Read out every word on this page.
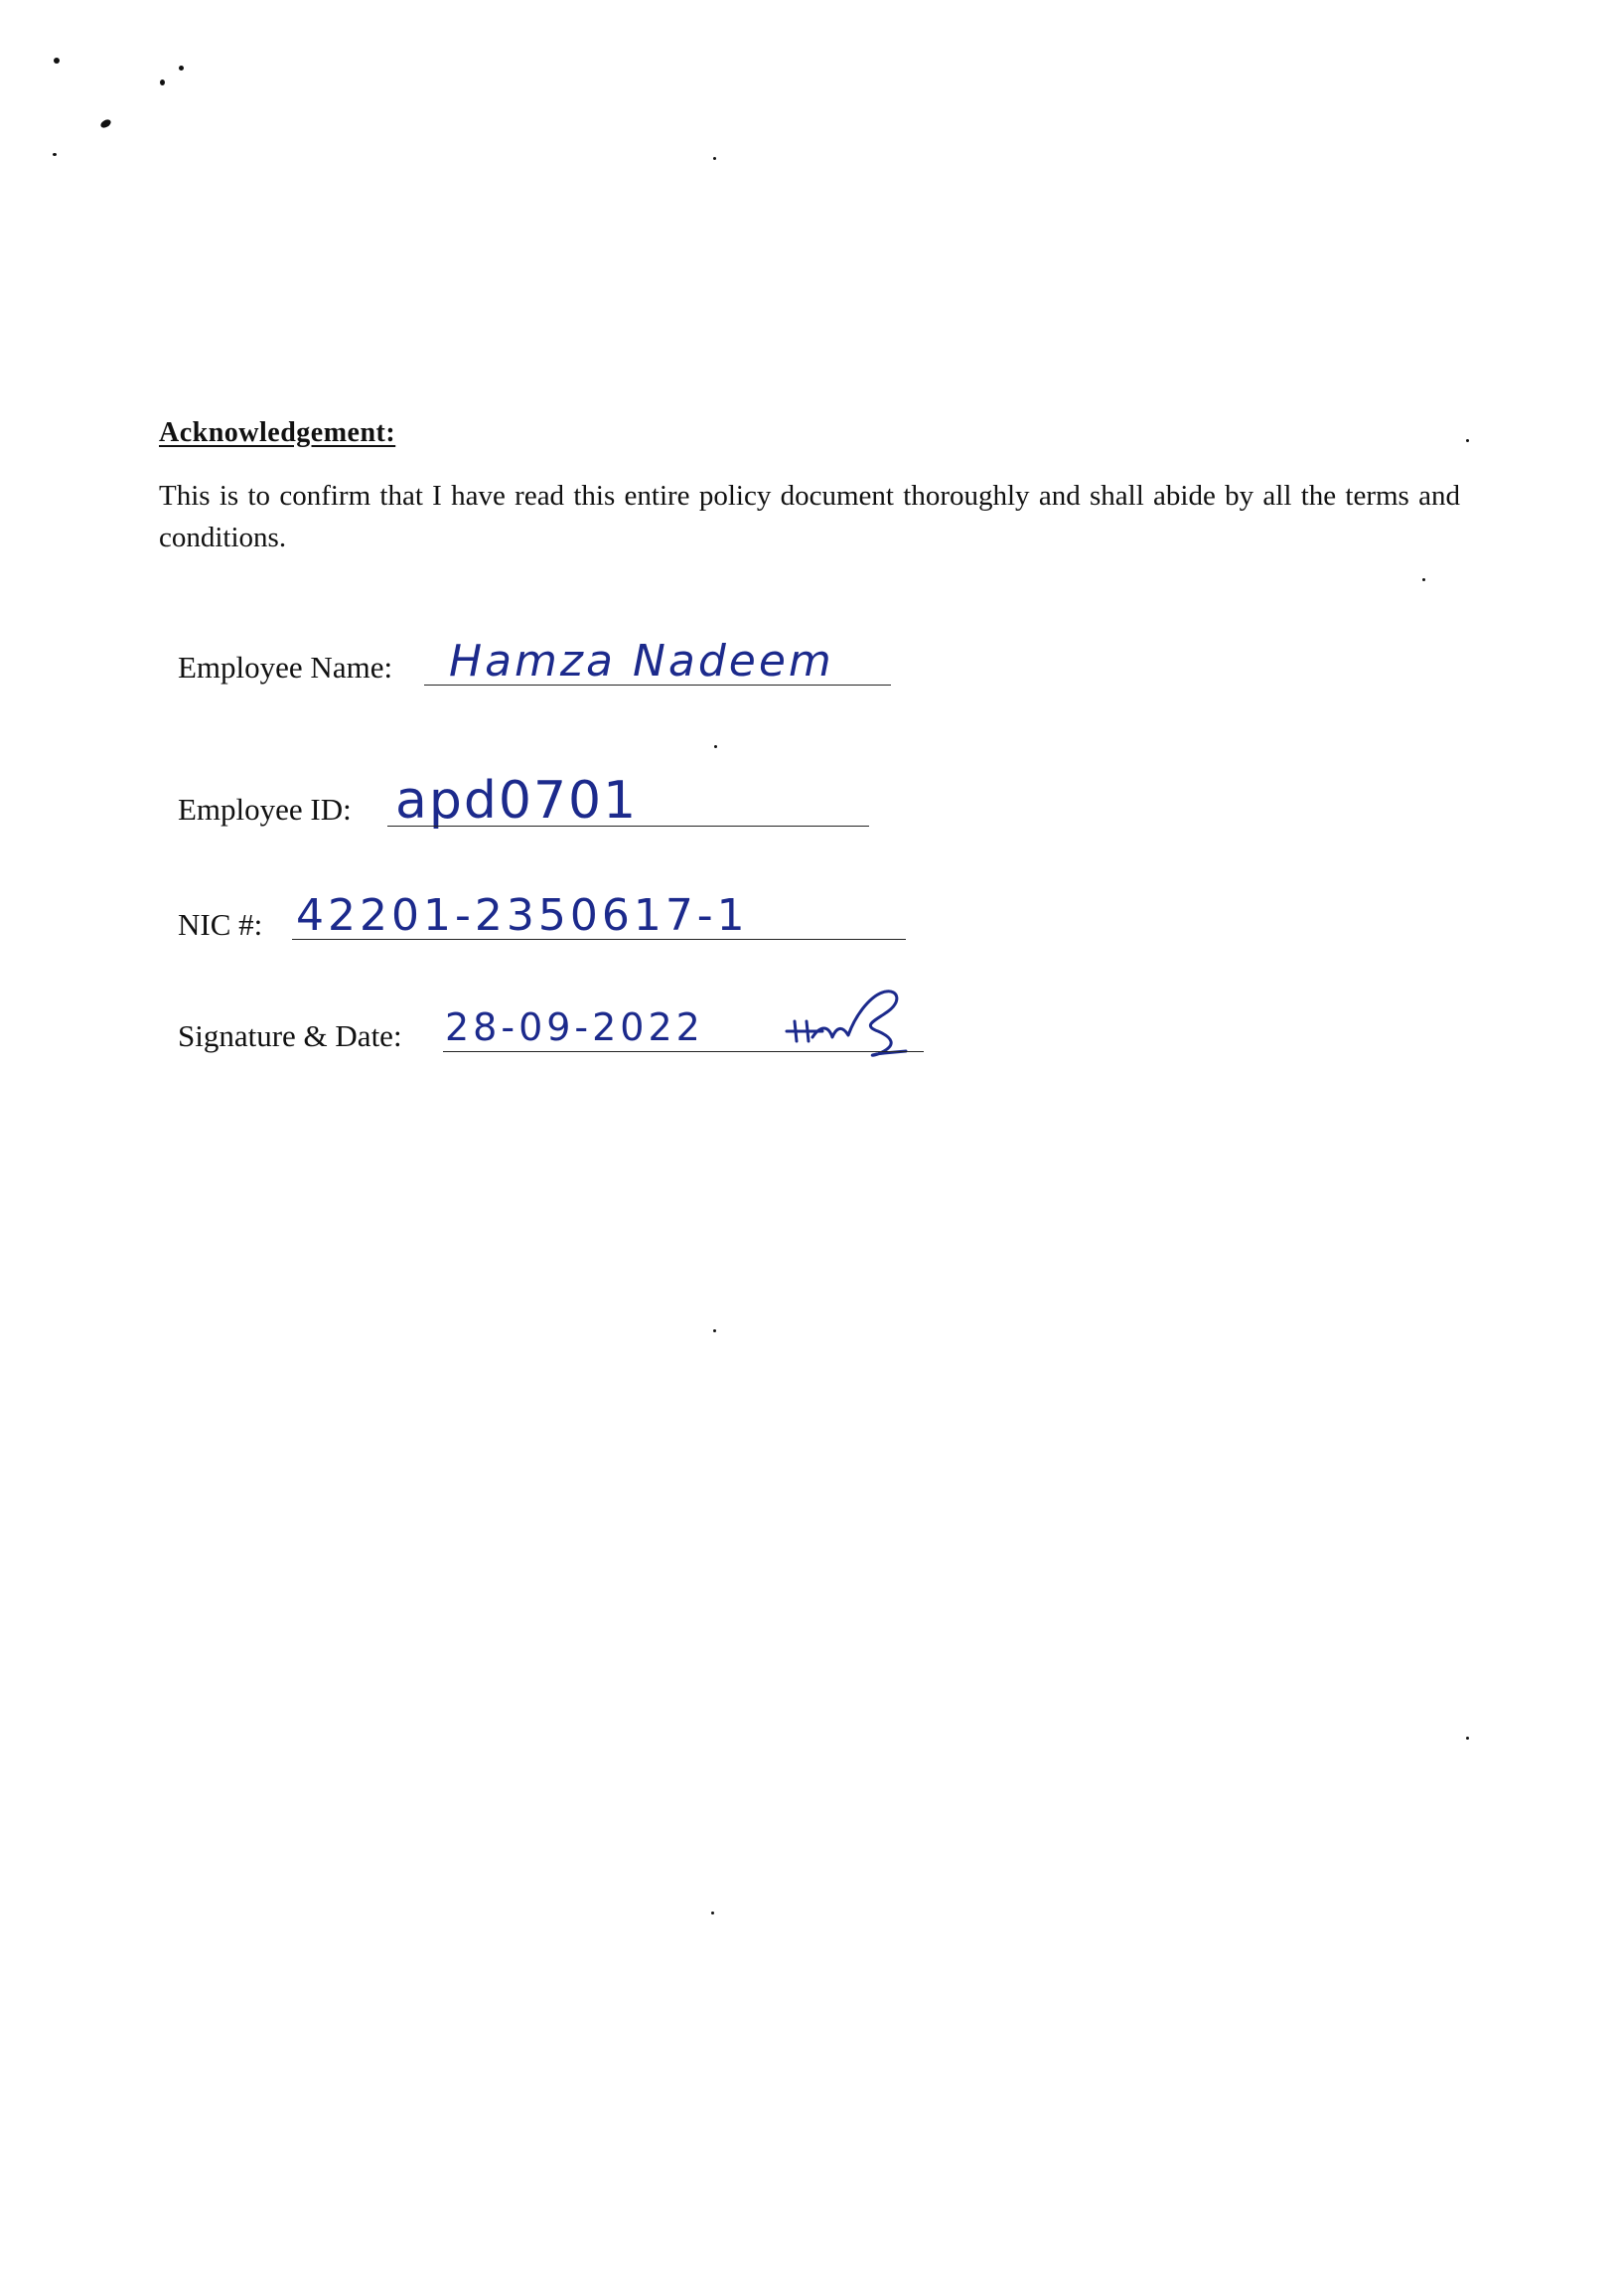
Acknowledgement:
This is to confirm that I have read this entire policy document thoroughly and shall abide by all the terms and conditions.
Employee Name: Hamza Nadeem
Employee ID: apd0701
NIC #: 42201-2350617-1
Signature & Date: 28-09-2022
